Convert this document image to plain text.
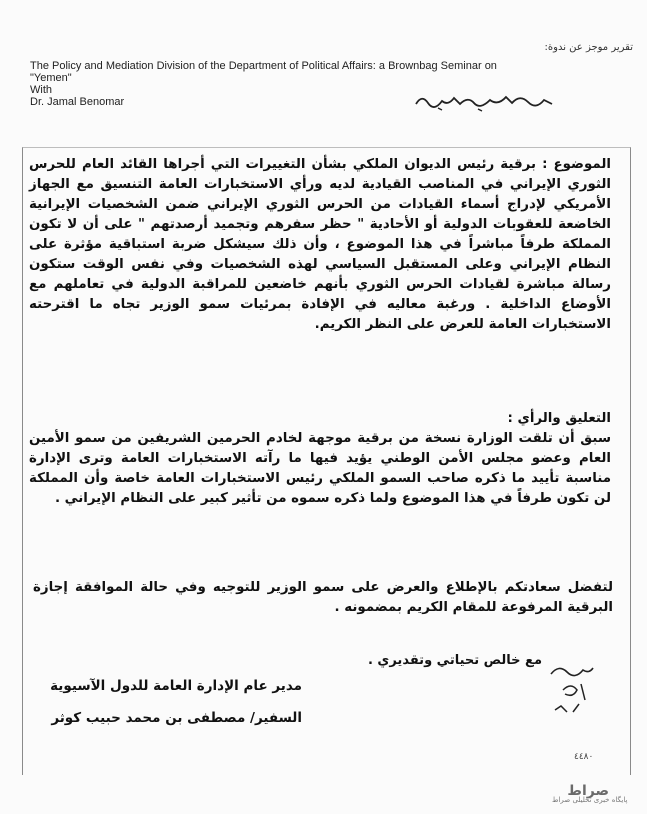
تقرير موجز عن ندوة:
The Policy and Mediation Division of the Department of Political Affairs: a Brownbag Seminar on
"Yemen"
With
Dr. Jamal Benomar
الموضوع : برقية رئيس الديوان الملكي بشأن التغييرات التي أجراها القائد العام للحرس الثوري الإيراني في المناصب القيادية لديه ورأي الاستخبارات العامة التنسيق مع الجهاز الأمريكي لإدراج أسماء القيادات من الحرس الثوري الإيراني ضمن الشخصيات الإيرانية الخاضعة للعقوبات الدولية أو الأحادية " حظر سفرهم وتجميد أرصدتهم " على أن لا تكون المملكة طرفاً مباشراً في هذا الموضوع ، وأن ذلك سيشكل ضربة استباقية مؤثرة على النظام الإيراني وعلى المستقبل السياسي لهذه الشخصيات وفي نفس الوقت ستكون رسالة مباشرة لقيادات الحرس الثوري بأنهم خاضعين للمراقبة الدولية في تعاملهم مع الأوضاع الداخلية . ورغبة معاليه في الإفادة بمرئيات سمو الوزير تجاه ما اقترحته الاستخبارات العامة للعرض على النظر الكريم.
التعليق والرأي :
سبق أن تلقت الوزارة نسخة من برقية موجهة لخادم الحرمين الشريفين من سمو الأمين العام وعضو مجلس الأمن الوطني يؤيد فيها ما رآته الاستخبارات العامة وترى الإدارة مناسبة تأييد ما ذكره صاحب السمو الملكي رئيس الاستخبارات العامة خاصة وأن المملكة لن تكون طرفاً في هذا الموضوع ولما ذكره سموه من تأثير كبير على النظام الإيراني .
لتفضل سعادتكم بالإطلاع والعرض على سمو الوزير للتوجيه وفي حالة الموافقة إجازة البرقية المرفوعة للمقام الكريم بمضمونه .
مع خالص تحياتي وتقديري .
مدير عام الإدارة العامة للدول الآسيوية
السفير/ مصطفى بن محمد حبيب كوثر
٤٤٨٠
صراط
پایگاه خبری تحلیلی صراط
